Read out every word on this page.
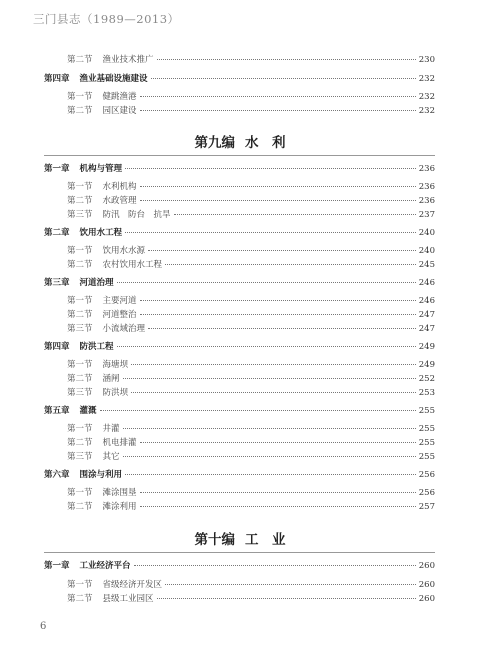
三门县志（1989—2013）
第二节 渔业技术推广	230
第四章 渔业基础设施建设	232
第一节 健跳渔港	232
第二节 园区建设	232
第九编 水　利
第一章 机构与管理	236
第一节 水利机构	236
第二节 水政管理	236
第三节 防汛　防台　抗旱	237
第二章 饮用水工程	240
第一节 饮用水水源	240
第二节 农村饮用水工程	245
第三章 河道治理	246
第一节 主要河道	246
第二节 河道整治	247
第三节 小流域治理	247
第四章 防洪工程	249
第一节 海塘坝	249
第二节 涵闸	252
第三节 防洪坝	253
第五章 灌溉	255
第一节 井灌	255
第二节 机电排灌	255
第三节 其它	255
第六章 围涂与利用	256
第一节 滩涂围垦	256
第二节 滩涂利用	257
第十编 工　业
第一章 工业经济平台	260
第一节 省级经济开发区	260
第二节 县级工业园区	260
6
